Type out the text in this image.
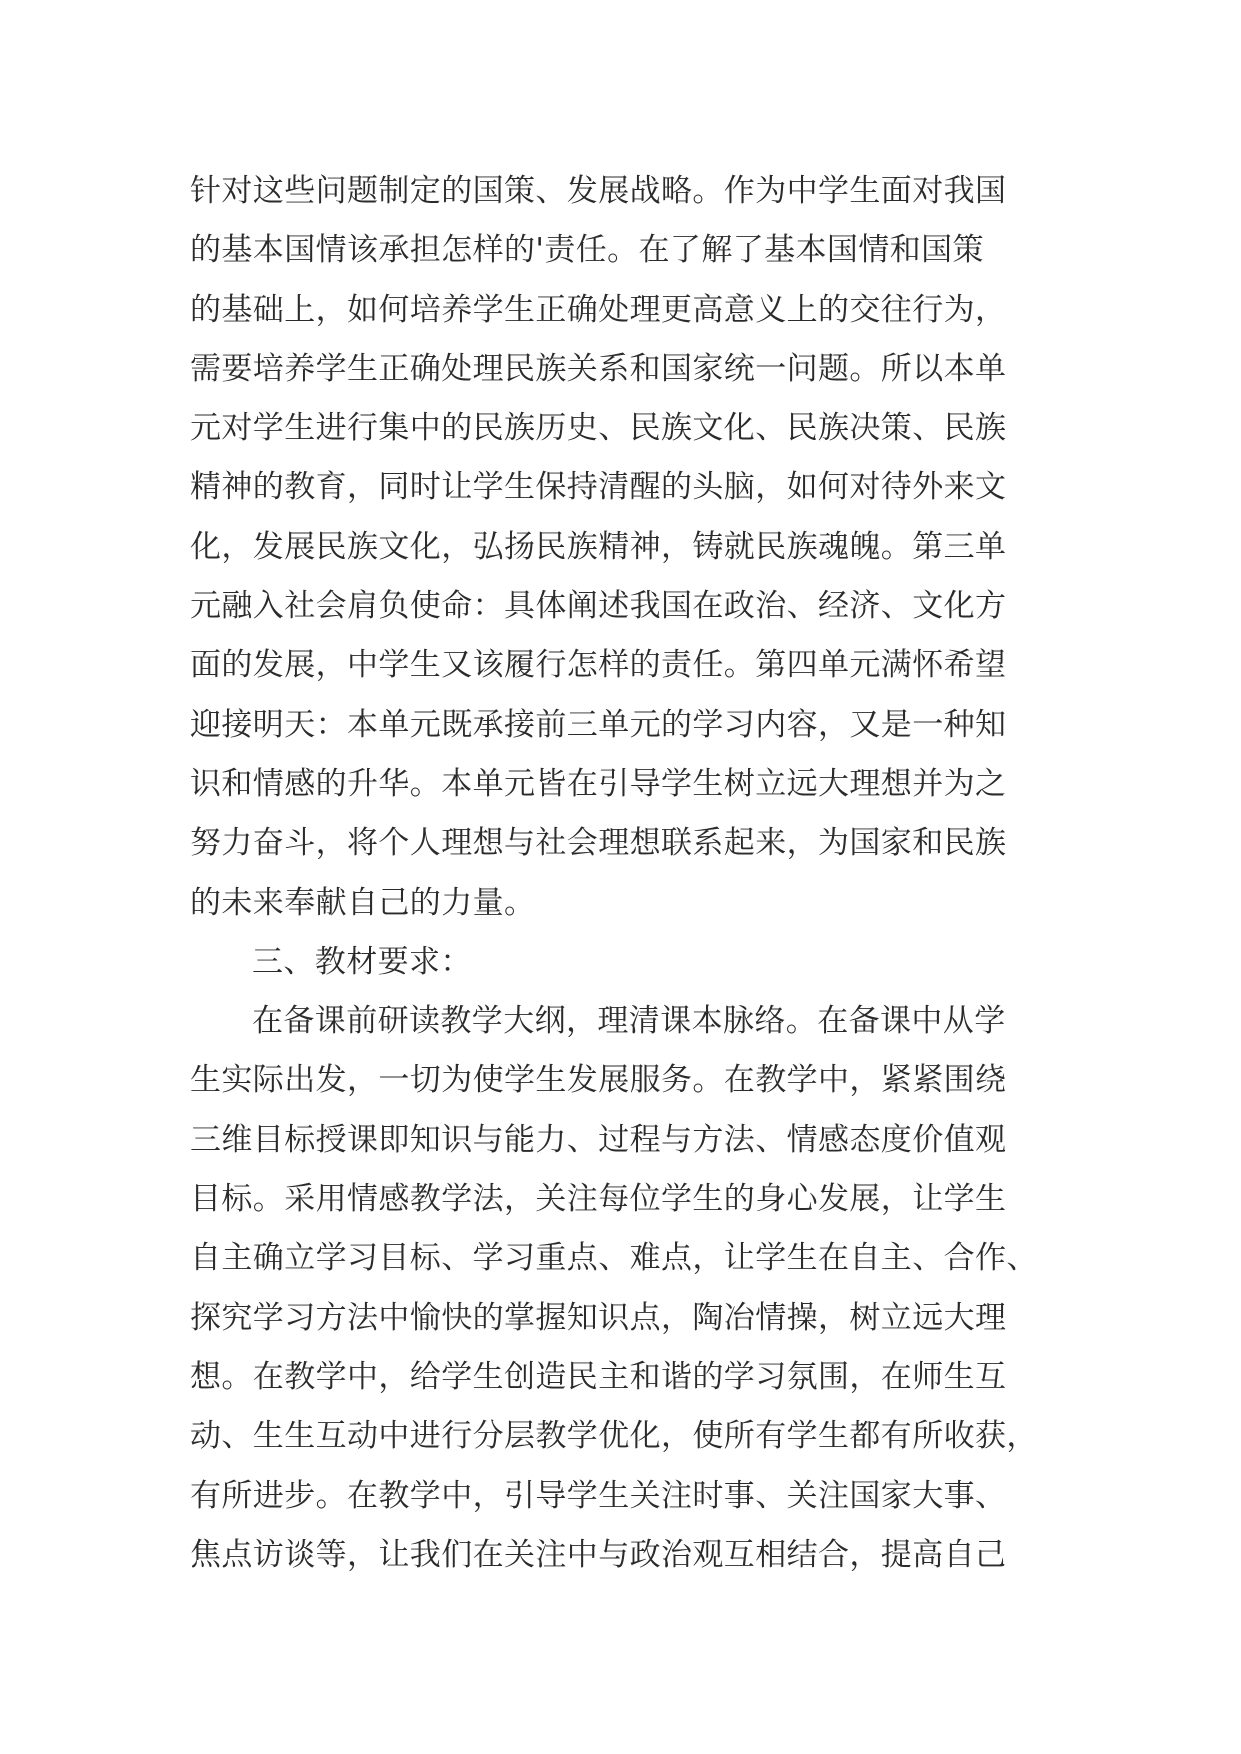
针对这些问题制定的国策、发展战略。作为中学生面对我国
的基本国情该承担怎样的'责任。在了解了基本国情和国策
的基础上，如何培养学生正确处理更高意义上的交往行为，
需要培养学生正确处理民族关系和国家统一问题。所以本单
元对学生进行集中的民族历史、民族文化、民族决策、民族
精神的教育，同时让学生保持清醒的头脑，如何对待外来文
化，发展民族文化，弘扬民族精神，铸就民族魂魄。第三单
元融入社会肩负使命：具体阐述我国在政治、经济、文化方
面的发展，中学生又该履行怎样的责任。第四单元满怀希望
迎接明天：本单元既承接前三单元的学习内容，又是一种知
识和情感的升华。本单元皆在引导学生树立远大理想并为之
努力奋斗，将个人理想与社会理想联系起来，为国家和民族
的未来奉献自己的力量。
三、教材要求：
在备课前研读教学大纲，理清课本脉络。在备课中从学
生实际出发，一切为使学生发展服务。在教学中，紧紧围绕
三维目标授课即知识与能力、过程与方法、情感态度价值观
目标。采用情感教学法，关注每位学生的身心发展，让学生
自主确立学习目标、学习重点、难点，让学生在自主、合作、
探究学习方法中愉快的掌握知识点，陶冶情操，树立远大理
想。在教学中，给学生创造民主和谐的学习氛围，在师生互
动、生生互动中进行分层教学优化，使所有学生都有所收获，
有所进步。在教学中，引导学生关注时事、关注国家大事、
焦点访谈等，让我们在关注中与政治观互相结合，提高自己
